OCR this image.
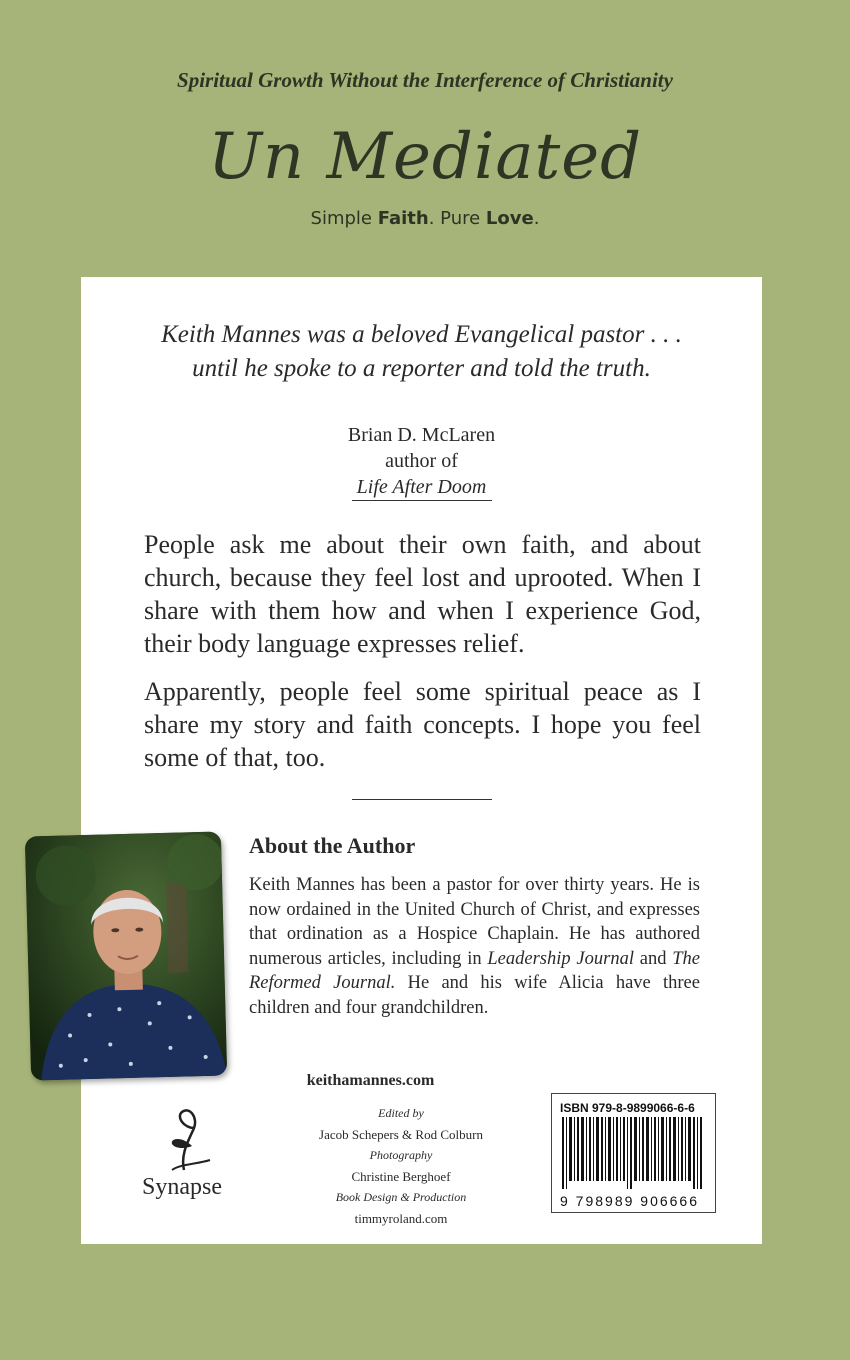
Spiritual Growth Without the Interference of Christianity
Un Mediated
Simple Faith. Pure Love.
Keith Mannes was a beloved Evangelical pastor . . .
until he spoke to a reporter and told the truth.
Brian D. McLaren
author of
Life After Doom

People ask me about their own faith, and about church, because they feel lost and uprooted. When I share with them how and when I experience God, their body language expresses relief.

Apparently, people feel some spiritual peace as I share my story and faith concepts. I hope you feel some of that, too.

About the Author

Keith Mannes has been a pastor for over thirty years. He is now ordained in the United Church of Christ, and expresses that ordination as a Hospice Chaplain. He has authored numerous articles, including in Leadership Journal and The Reformed Journal. He and his wife Alicia have three children and four grandchildren.

keithamannes.com
Synapse
Edited by
Jacob Schepers & Rod Colburn
Photography
Christine Berghoef
Book Design & Production
timmyroland.com
ISBN 979-8-9899066-6-6
9 798989 906666
